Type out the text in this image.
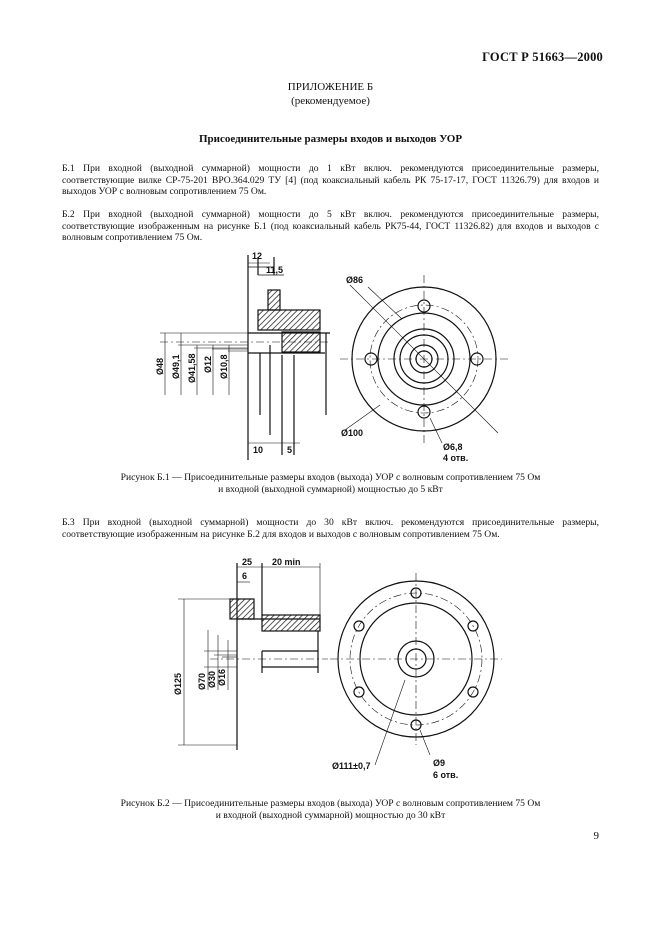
ГОСТ Р 51663—2000
ПРИЛОЖЕНИЕ Б
(рекомендуемое)
Присоединительные размеры входов и выходов УОР
Б.1 При входной (выходной суммарной) мощности до 1 кВт включ. рекомендуются присоединительные размеры, соответствующие вилке СР-75-201 ВРО.364.029 ТУ [4] (под коаксиальный кабель РК 75-17-17, ГОСТ 11326.79) для входов и выходов УОР с волновым сопротивлением 75 Ом.
Б.2 При входной (выходной суммарной) мощности до 5 кВт включ. рекомендуются присоединительные размеры, соответствующие изображенным на рисунке Б.1 (под коаксиальный кабель РК75-44, ГОСТ 11326.82) для входов и выходов с волновым сопротивлением 75 Ом.
12
11,5
10	5
Ø48 Ø49,1 Ø41,58 Ø12 Ø10,8
Ø86
Ø100
Ø6,8
4 отв.
Рисунок Б.1 — Присоединительные размеры входов (выхода) УОР с волновым сопротивлением 75 Ом
и входной (выходной суммарной) мощностью до 5 кВт
Б.3 При входной (выходной суммарной) мощности до 30 кВт включ. рекомендуются присоединительные размеры, соответствующие изображенным на рисунке Б.2 для входов и выходов с волновым сопротивлением 75 Ом.
25 20 min
6
Ø125 Ø70 Ø30 Ø16
Ø111±0,7	Ø9
6 отв.
Рисунок Б.2 — Присоединительные размеры входов (выхода) УОР с волновым сопротивлением 75 Ом
и входной (выходной суммарной) мощностью до 30 кВт
9
